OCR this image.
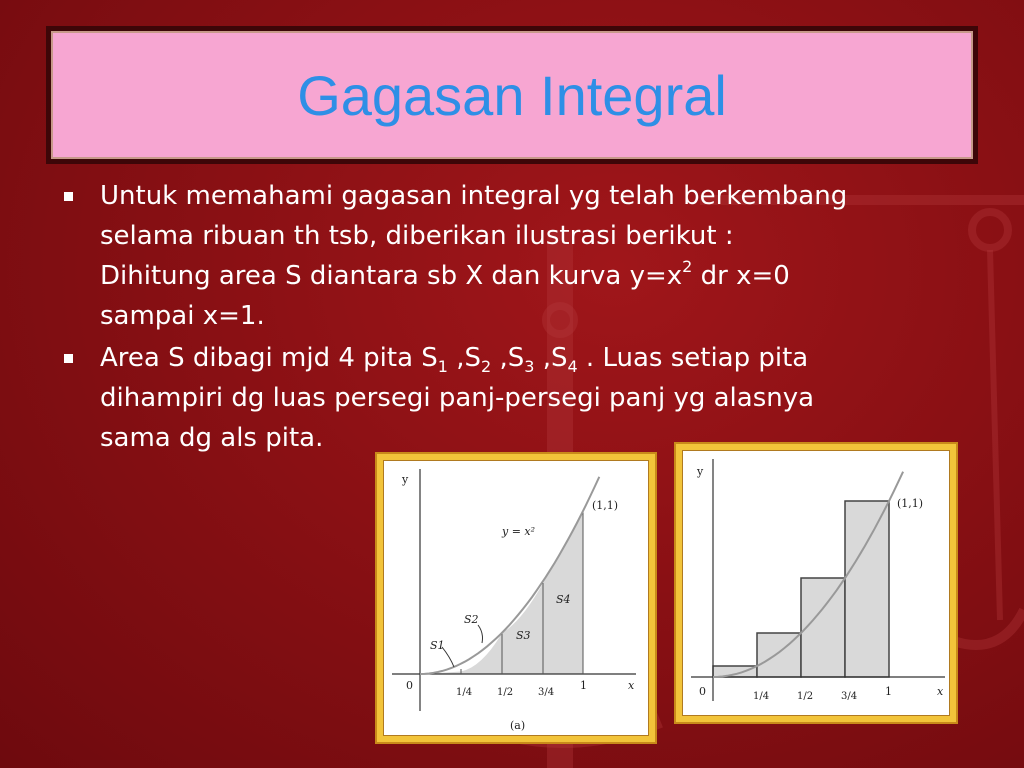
Gagasan Integral
Untuk memahami gagasan integral yg telah berkembang
selama ribuan th tsb, diberikan ilustrasi berikut :
Dihitung area S diantara sb X dan kurva $y=x^2$ dr x=0
sampai x=1.
Area S dibagi mjd 4 pita $S_1$ $,S_2$ $,S_3$ $,S_4$ . Luas setiap pita
dihampiri dg luas persegi panj-persegi panj yg alasnya
sama dg als pita.
y
x
0
y = x²
(1,1)
1/4 1/2 3/4
1
S1
S2
S3
S4
(a)
y
x
0
(1,1)
1/4	1/2	3/4	1
